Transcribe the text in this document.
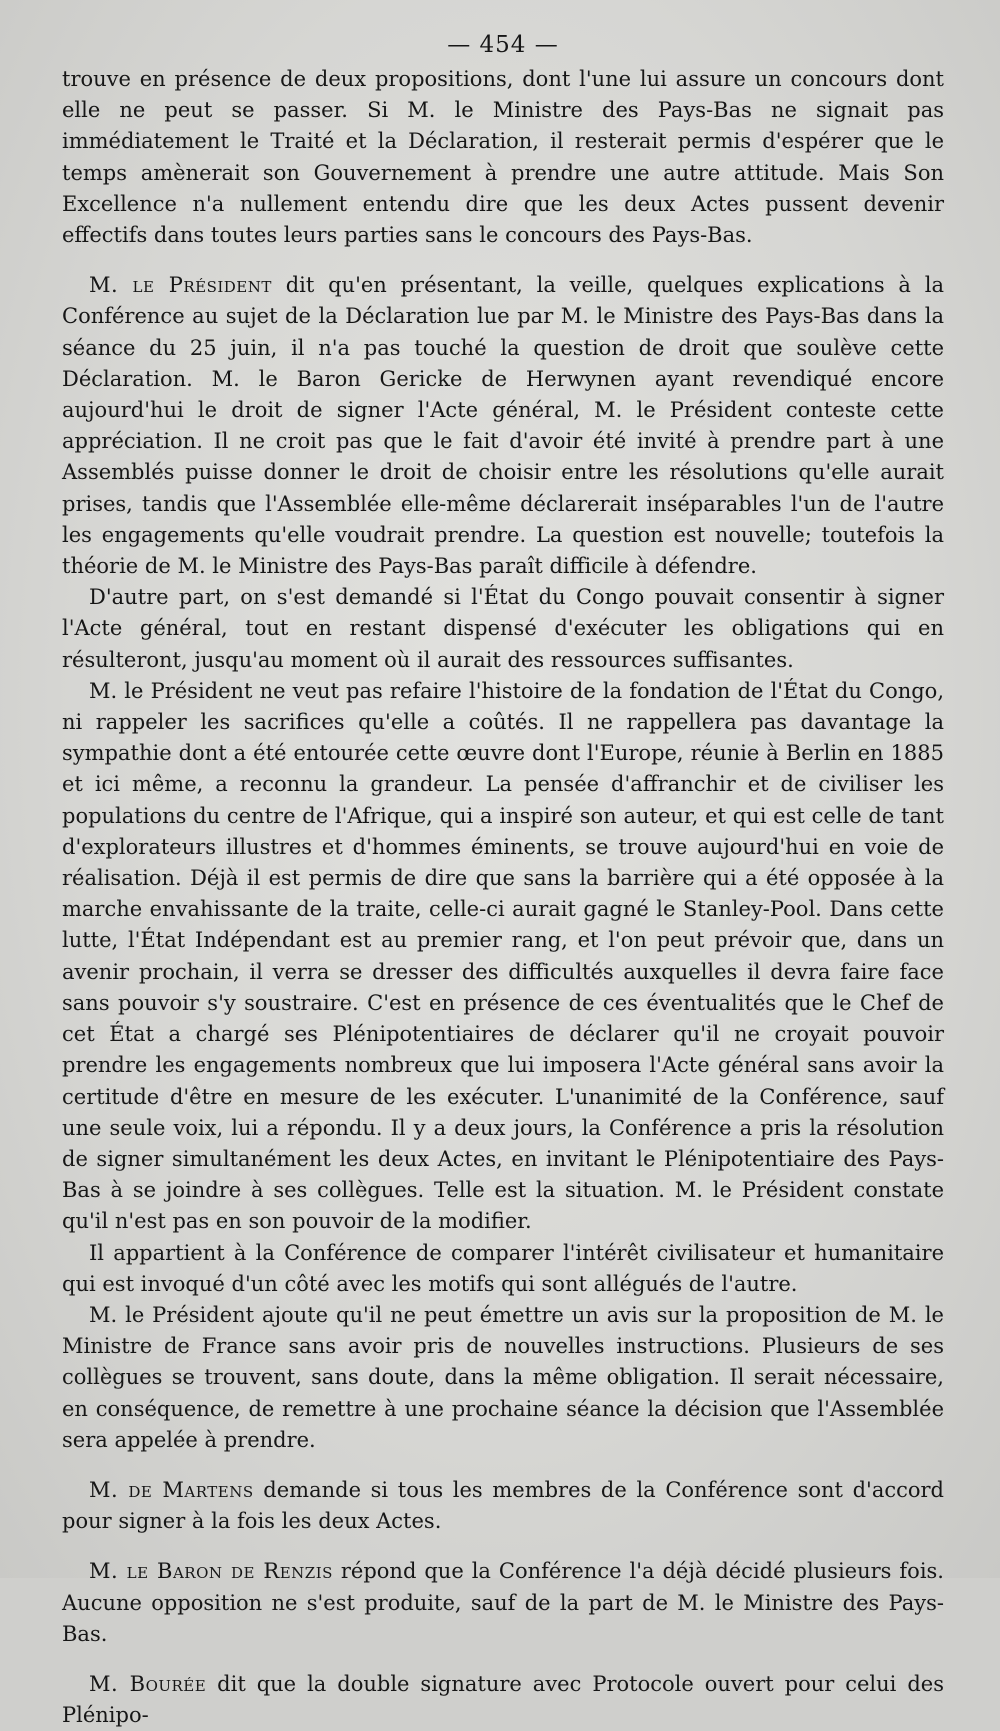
— 454 —

trouve en présence de deux propositions, dont l'une lui assure un concours dont elle ne peut se passer. Si M. le Ministre des Pays-Bas ne signait pas immédiatement le Traité et la Déclaration, il resterait permis d'espérer que le temps amènerait son Gouvernement à prendre une autre attitude. Mais Son Excellence n'a nullement entendu dire que les deux Actes pussent devenir effectifs dans toutes leurs parties sans le concours des Pays-Bas.

M. le Président dit qu'en présentant, la veille, quelques explications à la Conférence au sujet de la Déclaration lue par M. le Ministre des Pays-Bas dans la séance du 25 juin, il n'a pas touché la question de droit que soulève cette Déclaration. M. le Baron Gericke de Herwynen ayant revendiqué encore aujourd'hui le droit de signer l'Acte général, M. le Président conteste cette appréciation. Il ne croit pas que le fait d'avoir été invité à prendre part à une Assemblés puisse donner le droit de choisir entre les résolutions qu'elle aurait prises, tandis que l'Assemblée elle-même déclarerait inséparables l'un de l'autre les engagements qu'elle voudrait prendre. La question est nouvelle; toutefois la théorie de M. le Ministre des Pays-Bas paraît difficile à défendre.

D'autre part, on s'est demandé si l'État du Congo pouvait consentir à signer l'Acte général, tout en restant dispensé d'exécuter les obligations qui en résulteront, jusqu'au moment où il aurait des ressources suffisantes.

M. le Président ne veut pas refaire l'histoire de la fondation de l'État du Congo, ni rappeler les sacrifices qu'elle a coûtés. Il ne rappellera pas davantage la sympathie dont a été entourée cette œuvre dont l'Europe, réunie à Berlin en 1885 et ici même, a reconnu la grandeur. La pensée d'affranchir et de civiliser les populations du centre de l'Afrique, qui a inspiré son auteur, et qui est celle de tant d'explorateurs illustres et d'hommes éminents, se trouve aujourd'hui en voie de réalisation. Déjà il est permis de dire que sans la barrière qui a été opposée à la marche envahissante de la traite, celle-ci aurait gagné le Stanley-Pool. Dans cette lutte, l'État Indépendant est au premier rang, et l'on peut prévoir que, dans un avenir prochain, il verra se dresser des difficultés auxquelles il devra faire face sans pouvoir s'y soustraire. C'est en présence de ces éventualités que le Chef de cet État a chargé ses Plénipotentiaires de déclarer qu'il ne croyait pouvoir prendre les engagements nombreux que lui imposera l'Acte général sans avoir la certitude d'être en mesure de les exécuter. L'unanimité de la Conférence, sauf une seule voix, lui a répondu. Il y a deux jours, la Conférence a pris la résolution de signer simultanément les deux Actes, en invitant le Plénipotentiaire des Pays-Bas à se joindre à ses collègues. Telle est la situation. M. le Président constate qu'il n'est pas en son pouvoir de la modifier.

Il appartient à la Conférence de comparer l'intérêt civilisateur et humanitaire qui est invoqué d'un côté avec les motifs qui sont allégués de l'autre.

M. le Président ajoute qu'il ne peut émettre un avis sur la proposition de M. le Ministre de France sans avoir pris de nouvelles instructions. Plusieurs de ses collègues se trouvent, sans doute, dans la même obligation. Il serait nécessaire, en conséquence, de remettre à une prochaine séance la décision que l'Assemblée sera appelée à prendre.

M. de Martens demande si tous les membres de la Conférence sont d'accord pour signer à la fois les deux Actes.

M. le Baron de Renzis répond que la Conférence l'a déjà décidé plusieurs fois. Aucune opposition ne s'est produite, sauf de la part de M. le Ministre des Pays-Bas.

M. Bourée dit que la double signature avec Protocole ouvert pour celui des Plénipo-
